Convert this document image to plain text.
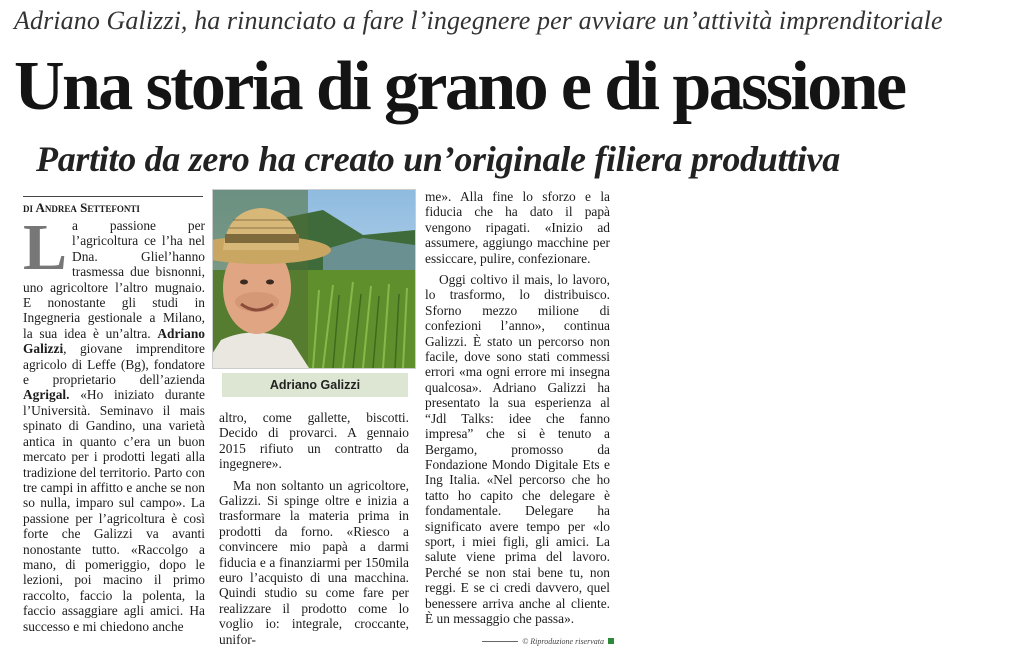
Adriano Galizzi, ha rinunciato a fare l’ingegnere per avviare un’attività imprenditoriale
Una storia di grano e di passione
Partito da zero ha creato un’originale filiera produttiva
di Andrea Settefonti
La passione per l’agricoltura ce l’ha nel Dna. Glielʼhanno trasmessa due bisnonni, uno agricoltore l’altro mugnaio. E nonostante gli studi in Ingegneria gestionale a Milano, la sua idea è un’altra. Adriano Galizzi, giovane imprenditore agricolo di Leffe (Bg), fondatore e proprietario dell’azienda Agrigal. «Ho iniziato durante l’Università. Seminavo il mais spinato di Gandino, una varietà antica in quanto c’era un buon mercato per i prodotti legati alla tradizione del territorio. Parto con tre campi in affitto e anche se non so nulla, imparo sul campo». La passione per l’agricoltura è così forte che Galizzi va avanti nonostante tutto. «Raccolgo a mano, di pomeriggio, dopo le lezioni, poi macino il primo raccolto, faccio la polenta, la faccio assaggiare agli amici. Ha successo e mi chiedono anche
Adriano Galizzi

altro, come gallette, biscotti. Decido di provarci. A gennaio 2015 rifiuto un contratto da ingegnere».

Ma non soltanto un agricoltore, Galizzi. Si spinge oltre e inizia a trasformare la materia prima in prodotti da forno. «Riesco a convincere mio papà a darmi fiducia e a finanziarmi per 150mila euro l’acquisto di una macchina. Quindi studio su come fare per realizzare il prodotto come lo voglio io: integrale, croccante, unifor-

me». Alla fine lo sforzo e la fiducia che ha dato il papà vengono ripagati. «Inizio ad assumere, aggiungo macchine per essiccare, pulire, confezionare.

Oggi coltivo il mais, lo lavoro, lo trasformo, lo distribuisco. Sforno mezzo milione di confezioni l’anno», continua Galizzi. È stato un percorso non facile, dove sono stati commessi errori «ma ogni errore mi insegna qualcosa». Adriano Galizzi ha presentato la sua esperienza al “Jdl Talks: idee che fanno impresa” che si è tenuto a Bergamo, promosso da Fondazione Mondo Digitale Ets e Ing Italia. «Nel percorso che ho tatto ho capito che delegare è fondamentale. Delegare ha significato avere tempo per «lo sport, i miei figli, gli amici. La salute viene prima del lavoro. Perché se non stai bene tu, non reggi. E se ci credi davvero, quel benessere arriva anche al cliente. È un messaggio che passa».

© Riproduzione riservata
